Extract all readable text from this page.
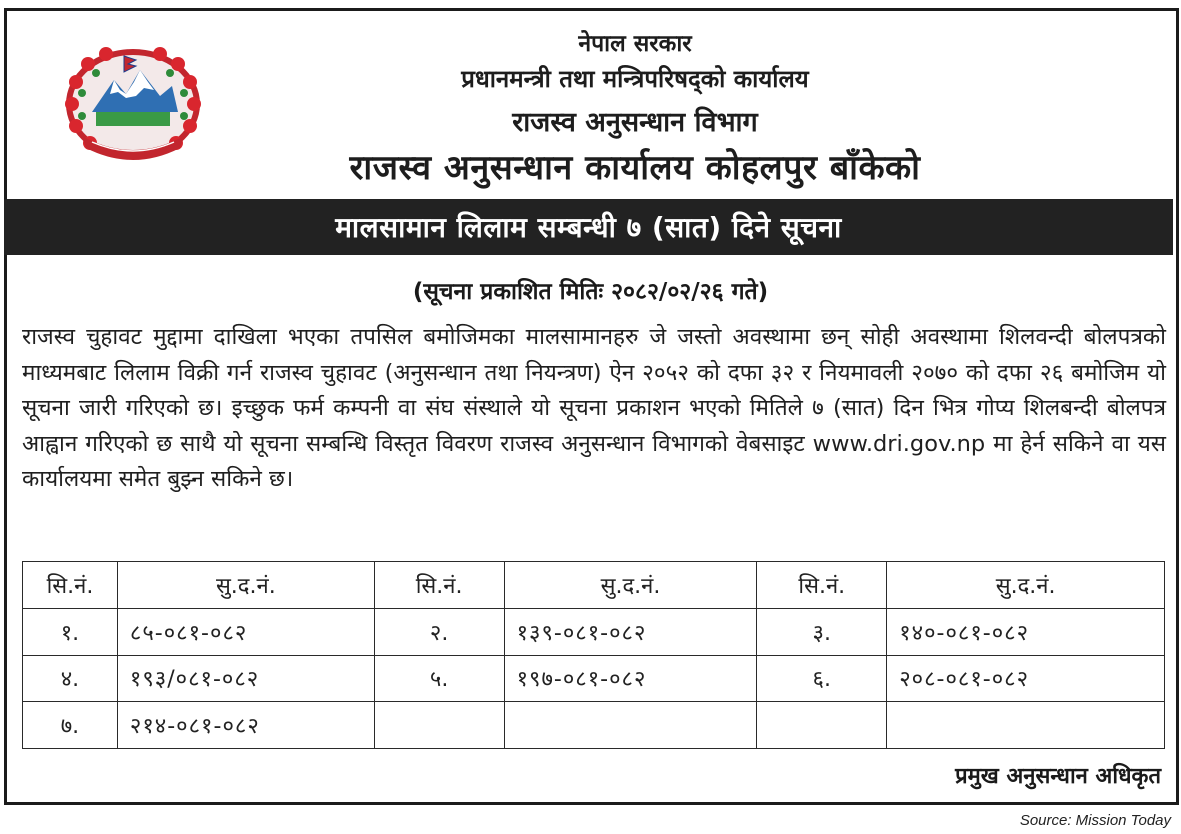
नेपाल सरकार
प्रधानमन्त्री तथा मन्त्रिपरिषद्को कार्यालय
राजस्व अनुसन्धान विभाग
राजस्व अनुसन्धान कार्यालय कोहलपुर बाँकेको
मालसामान लिलाम सम्बन्धी ७ (सात) दिने सूचना
(सूचना प्रकाशित मितिः २०८२/०२/२६ गते)
राजस्व चुहावट मुद्दामा दाखिला भएका तपसिल बमोजिमका मालसामानहरु जे जस्तो अवस्थामा छन् सोही अवस्थामा शिलवन्दी बोलपत्रको माध्यमबाट लिलाम विक्री गर्न राजस्व चुहावट (अनुसन्धान तथा नियन्त्रण) ऐन २०५२ को दफा ३२ र नियमावली २०७० को दफा २६ बमोजिम यो सूचना जारी गरिएको छ। इच्छुक फर्म कम्पनी वा संघ संस्थाले यो सूचना प्रकाशन भएको मितिले ७ (सात) दिन भित्र गोप्य शिलबन्दी बोलपत्र आह्वान गरिएको छ साथै यो सूचना सम्बन्धि विस्तृत विवरण राजस्व अनुसन्धान विभागको वेबसाइट www.dri.gov.np मा हेर्न सकिने वा यस कार्यालयमा समेत बुझ्न सकिने छ।
सि.नं.	सु.द.नं.	सि.नं.	सु.द.नं.	सि.नं.	सु.द.नं.
१.	८५-०८१-०८२	२.	१३९-०८१-०८२	३.	१४०-०८१-०८२
४.	१९३/०८१-०८२	५.	१९७-०८१-०८२	६.	२०८-०८१-०८२
७.	२१४-०८१-०८२				
प्रमुख अनुसन्धान अधिकृत
Source: Mission Today
